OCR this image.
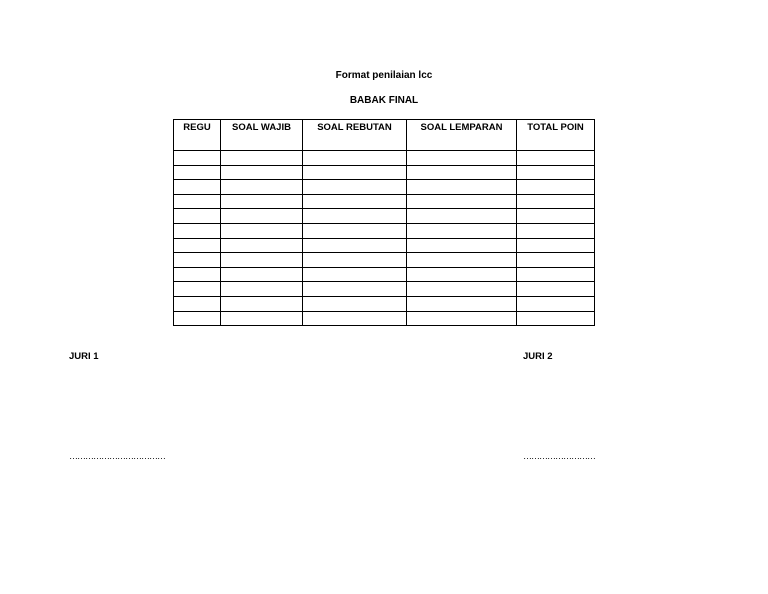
Format penilaian lcc
BABAK FINAL
REGU	SOAL WAJIB	SOAL REBUTAN	SOAL LEMPARAN	TOTAL POIN

JURI 1	JURI 2
………………………………	………………………
